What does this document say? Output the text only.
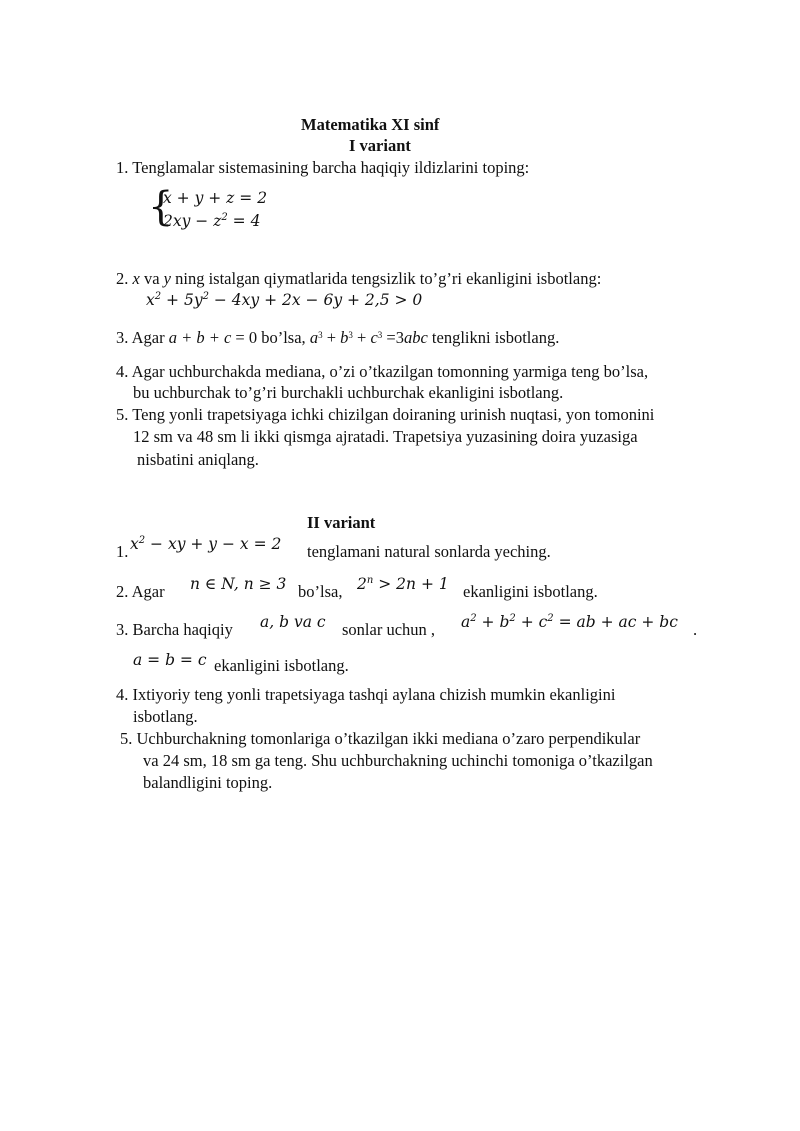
Matematika XI sinf
I variant
1. Tenglamalar sistemasining barcha haqiqiy ildizlarini toping:
{
x + y + z = 2
$2xy - z^2 = 4$
2. x va y ning istalgan qiymatlarida tengsizlik to’g’ri ekanligini isbotlang:
$x^2 + 5y^2 - 4xy + 2x - 6y + 2,5 > 0$
3. Agar a + b + c = 0 bo’lsa, $a^3 + b^3 + c^3 =3abc$ tenglikni isbotlang.
4. Agar uchburchakda mediana, o’zi o’tkazilgan tomonning yarmiga teng bo’lsa,
bu uchburchak to’g’ri burchakli uchburchak ekanligini isbotlang.
5. Teng yonli trapetsiyaga ichki chizilgan doiraning urinish nuqtasi, yon tomonini
12 sm va 48 sm li ikki qismga ajratadi. Trapetsiya yuzasining doira yuzasiga
nisbatini aniqlang.
II variant
1. $x^2$ − xy + y − x = 2 tenglamani natural sonlarda yeching.
2. Agar n ∈ N, n ≥ 3 bo’lsa, $2^n > 2n + 1$ ekanligini isbotlang.
3. Barcha haqiqiy a, b va c sonlar uchun , $a^2 + b^2 + c^2$ = ab + ac + bc .
a = b = c ekanligini isbotlang.
4. Ixtiyoriy teng yonli trapetsiyaga tashqi aylana chizish mumkin ekanligini
isbotlang.
5. Uchburchakning tomonlariga o’tkazilgan ikki mediana o’zaro perpendikular
va 24 sm, 18 sm ga teng. Shu uchburchakning uchinchi tomoniga o’tkazilgan
balandligini toping.
